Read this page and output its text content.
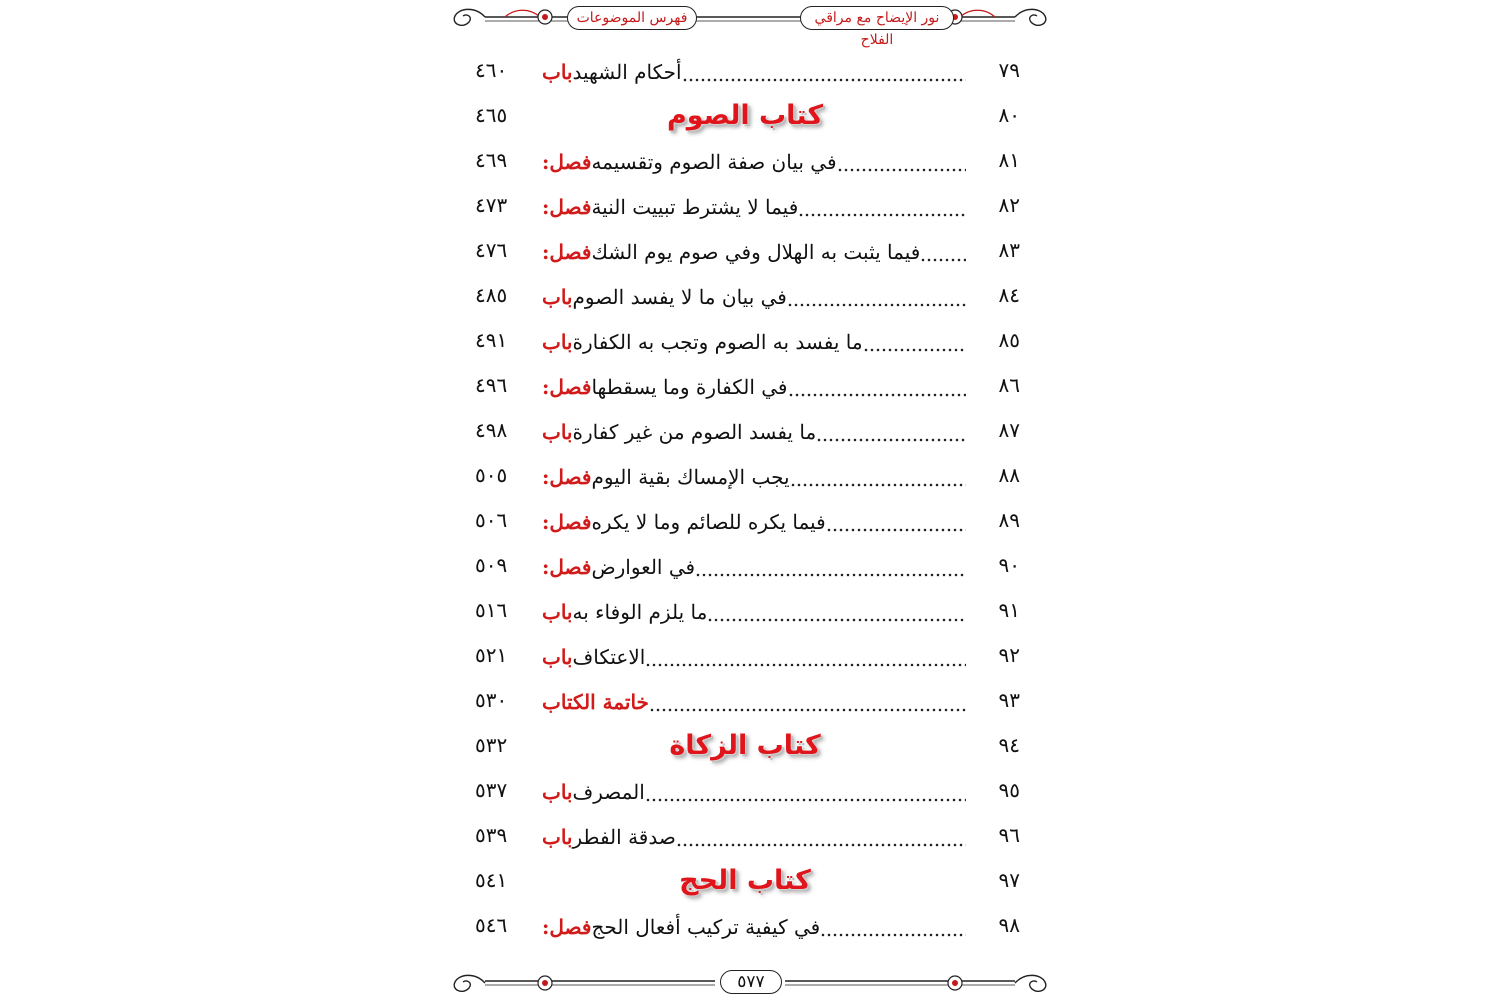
نور الإيضاح مع مراقي الفلاح
فهرس الموضوعات
٧٩
باب أحكام الشهيد
٤٦٠
٨٠
كتاب الصوم
٤٦٥
٨١
فصل: في بيان صفة الصوم وتقسيمه
٤٦٩
٨٢
فصل: فيما لا يشترط تبييت النية
٤٧٣
٨٣
فصل: فيما يثبت به الهلال وفي صوم يوم الشك
٤٧٦
٨٤
باب في بيان ما لا يفسد الصوم
٤٨٥
٨٥
باب ما يفسد به الصوم وتجب به الكفارة
٤٩١
٨٦
فصل: في الكفارة وما يسقطها
٤٩٦
٨٧
باب ما يفسد الصوم من غير كفارة
٤٩٨
٨٨
فصل: يجب الإمساك بقية اليوم
٥٠٥
٨٩
فصل: فيما يكره للصائم وما لا يكره
٥٠٦
٩٠
فصل: في العوارض
٥٠٩
٩١
باب ما يلزم الوفاء به
٥١٦
٩٢
باب الاعتكاف
٥٢١
٩٣
خاتمة الكتاب
٥٣٠
٩٤
كتاب الزكاة
٥٣٢
٩٥
باب المصرف
٥٣٧
٩٦
باب صدقة الفطر
٥٣٩
٩٧
كتاب الحج
٥٤١
٩٨
فصل: في كيفية تركيب أفعال الحج
٥٤٦
٥٧٧
